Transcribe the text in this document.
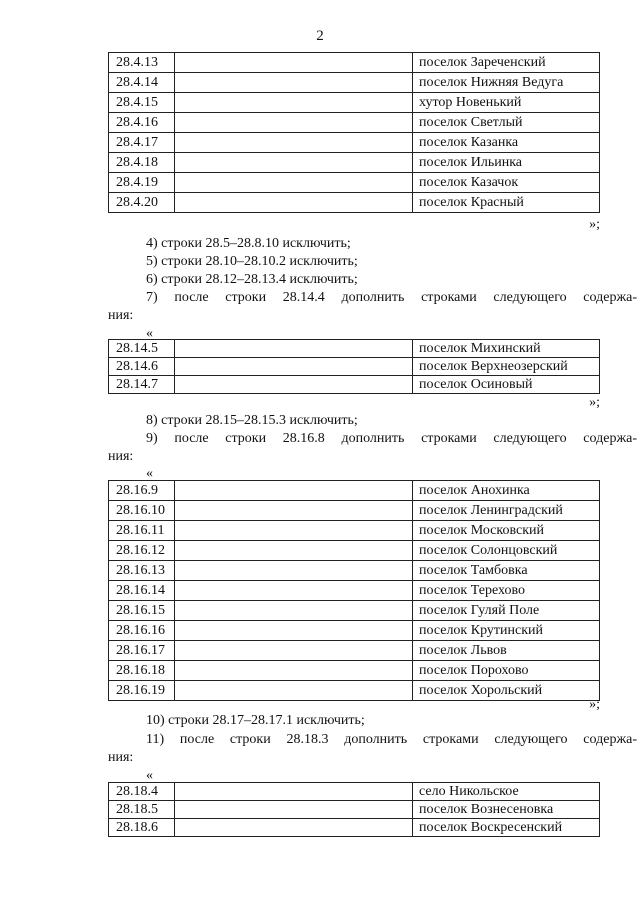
2
28.4.13		поселок Зареченский
28.4.14		поселок Нижняя Ведуга
28.4.15		хутор Новенький
28.4.16		поселок Светлый
28.4.17		поселок Казанка
28.4.18		поселок Ильинка
28.4.19		поселок Казачок
28.4.20		поселок Красный
»;
4) строки 28.5–28.8.10 исключить;
5) строки 28.10–28.10.2 исключить;
6) строки 28.12–28.13.4 исключить;
7) после строки 28.14.4 дополнить строками следующего содержа-
ния:
«
28.14.5		поселок Михинский
28.14.6		поселок Верхнеозерский
28.14.7		поселок Осиновый
»;
8) строки 28.15–28.15.3 исключить;
9) после строки 28.16.8 дополнить строками следующего содержа-
ния:
«
28.16.9		поселок Анохинка
28.16.10		поселок Ленинградский
28.16.11		поселок Московский
28.16.12		поселок Солонцовский
28.16.13		поселок Тамбовка
28.16.14		поселок Терехово
28.16.15		поселок Гуляй Поле
28.16.16		поселок Крутинский
28.16.17		поселок Львов
28.16.18		поселок Порохово
28.16.19		поселок Хорольский
»;
10) строки 28.17–28.17.1 исключить;
11) после строки 28.18.3 дополнить строками следующего содержа-
ния:
«
28.18.4		село Никольское
28.18.5		поселок Вознесеновка
28.18.6		поселок Воскресенский
